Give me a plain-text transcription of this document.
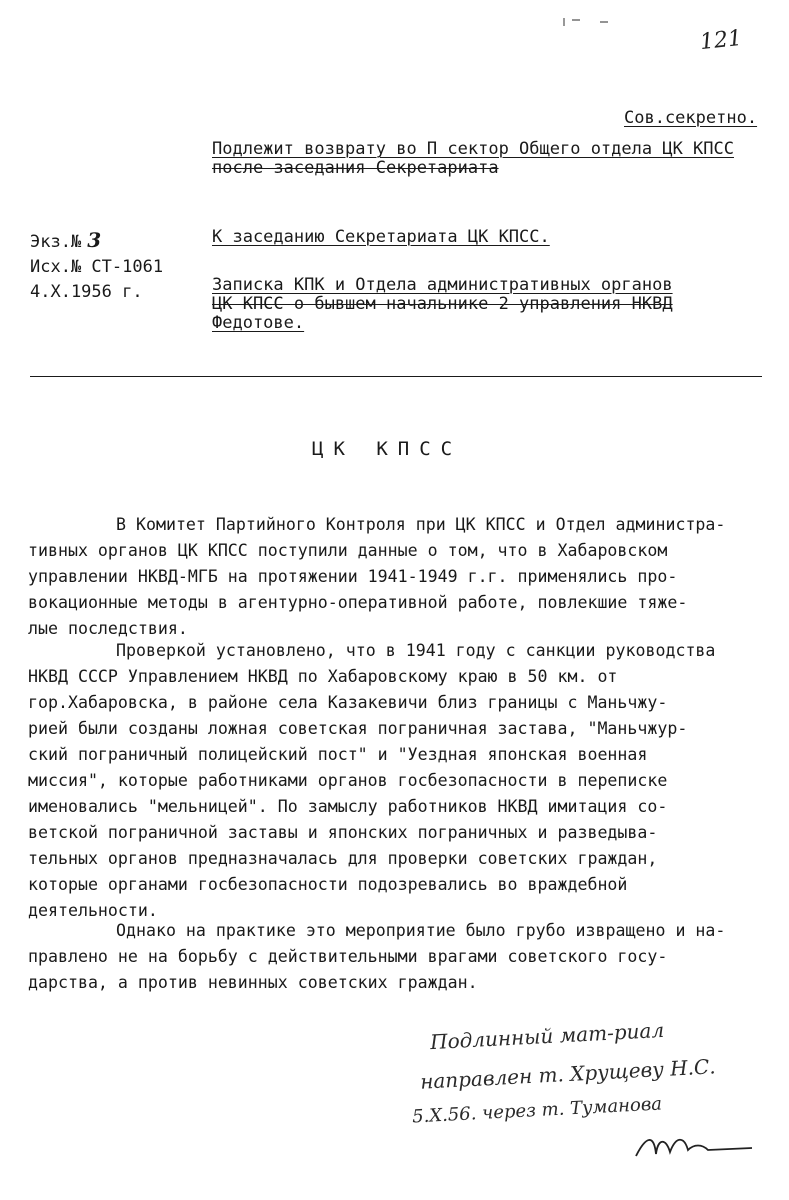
121
Сов.секретно.
Подлежит возврату во П сектор Общего отдела ЦК КПСС
после заседания Секретариата
Экз.№ 3
Исх.№ СТ-1061
4.X.1956 г.
К заседанию Секретариата ЦК КПСС.
Записка КПК и Отдела административных органов
ЦК КПСС о бывшем начальнике 2 управления НКВД
Федотове.
ЦК КПСС
В Комитет Партийного Контроля при ЦК КПСС и Отдел администра-
тивных органов ЦК КПСС поступили данные о том, что в Хабаровском
управлении НКВД-МГБ на протяжении 1941-1949 г.г. применялись про-
вокационные методы в агентурно-оперативной работе, повлекшие тяже-
лые последствия.
Проверкой установлено, что в 1941 году с санкции руководства
НКВД СССР Управлением НКВД по Хабаровскому краю в 50 км. от
гор.Хабаровска, в районе села Казакевичи близ границы с Маньчжу-
рией были созданы ложная советская пограничная застава, "Маньчжур-
ский пограничный полицейский пост" и "Уездная японская военная
миссия", которые работниками органов госбезопасности в переписке
именовались "мельницей". По замыслу работников НКВД имитация со-
ветской пограничной заставы и японских пограничных и разведыва-
тельных органов предназначалась для проверки советских граждан,
которые органами госбезопасности подозревались во враждебной
деятельности.
Однако на практике это мероприятие было грубо извращено и на-
правлено не на борьбу с действительными врагами советского госу-
дарства, а против невинных советских граждан.
Подлинный мат-риал
направлен т. Хрущеву Н.С.
5.X.56. через т. Туманова
